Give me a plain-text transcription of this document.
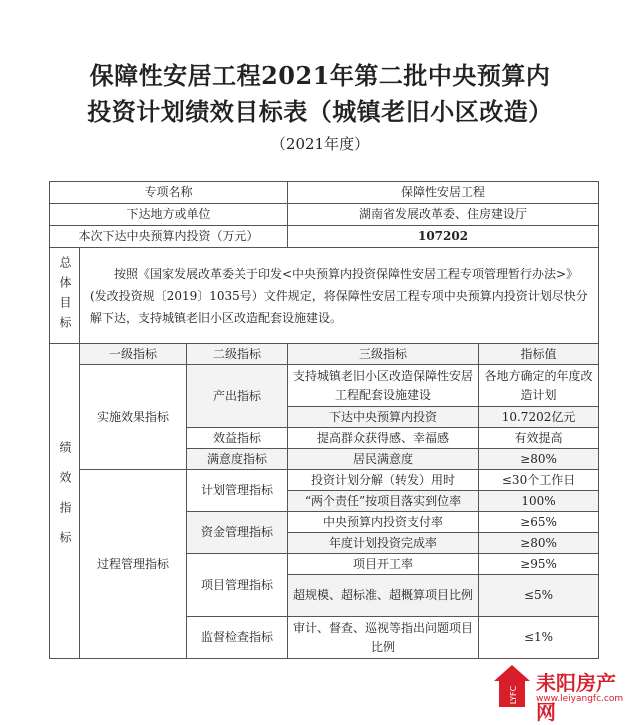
保障性安居工程2021年第二批中央预算内
投资计划绩效目标表（城镇老旧小区改造）
（2021年度）
专项名称			保障性安居工程	
下达地方或单位			湖南省发展改革委、住房建设厅	
本次下达中央预算内投资（万元）			107202	
总体目标	按照《国家发展改革委关于印发<中央预算内投资保障性安居工程专项管理暂行办法>》(发改投资规〔2019〕1035号）文件规定，将保障性安居工程专项中央预算内投资计划尽快分解下达，支持城镇老旧小区改造配套设施建设。			
绩效指标	一级指标	二级指标	三级指标	指标值
	实施效果指标	产出指标	支持城镇老旧小区改造保障性安居工程配套设施建设	各地方确定的年度改造计划
			下达中央预算内投资	10.7202亿元
		效益指标	提高群众获得感、幸福感	有效提高
		满意度指标	居民满意度	≥80%
	过程管理指标	计划管理指标	投资计划分解（转发）用时	≤30个工作日
			“两个责任”按项目落实到位率	100%
		资金管理指标	中央预算内投资支付率	≥65%
			年度计划投资完成率	≥80%
		项目管理指标	项目开工率	≥95%
			超规模、超标准、超概算项目比例	≤5%
		监督检查指标	审计、督查、巡视等指出问题项目比例	≤1%
LYFC 耒阳房产网
www.leiyangfc.com
